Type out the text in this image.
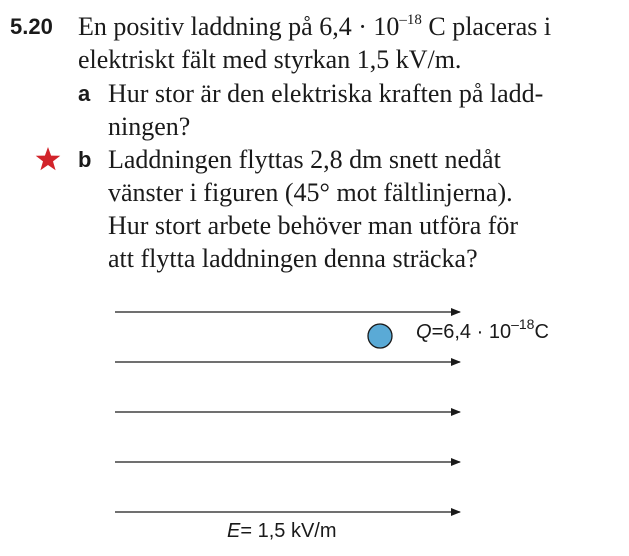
5.20 En positiv laddning på $6,4 \cdot 10^{-18}$ C placeras i
elektriskt fält med styrkan 1,5 kV/m.
a Hur stor är den elektriska kraften på ladd-
ningen?
b Laddningen flyttas 2,8 dm snett nedåt
vänster i figuren (45° mot fältlinjerna).
Hur stort arbete behöver man utföra för
att flytta laddningen denna sträcka?
$Q=6,4 \cdot 10^{-18}C$
E= 1,5 kV/m
